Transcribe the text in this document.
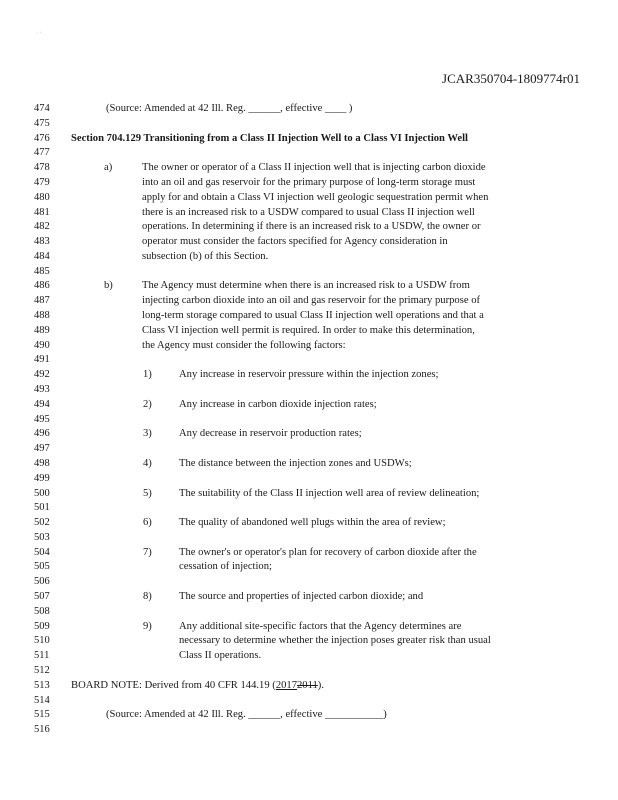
· ·
JCAR350704-1809774r01
474
475
476
477
478
479
480
481
482
483
484
485
486
487
488
489
490
491
492
493
494
495
496
497
498
499
500
501
502
503
504
505
506
507
508
509
510
511
512
513
514
515
516
(Source: Amended at 42 Ill. Reg. ______, effective ____ )
Section 704.129 Transitioning from a Class II Injection Well to a Class VI Injection Well
a)	The owner or operator of a Class II injection well that is injecting carbon dioxide
into an oil and gas reservoir for the primary purpose of long-term storage must
apply for and obtain a Class VI injection well geologic sequestration permit when
there is an increased risk to a USDW compared to usual Class II injection well
operations. In determining if there is an increased risk to a USDW, the owner or
operator must consider the factors specified for Agency consideration in
subsection (b) of this Section.
b)	The Agency must determine when there is an increased risk to a USDW from
injecting carbon dioxide into an oil and gas reservoir for the primary purpose of
long-term storage compared to usual Class II injection well operations and that a
Class VI injection well permit is required. In order to make this determination,
the Agency must consider the following factors:
1)	Any increase in reservoir pressure within the injection zones;
2)	Any increase in carbon dioxide injection rates;
3)	Any decrease in reservoir production rates;
4)	The distance between the injection zones and USDWs;
5)	The suitability of the Class II injection well area of review delineation;
6)	The quality of abandoned well plugs within the area of review;
7)	The owner's or operator's plan for recovery of carbon dioxide after the
cessation of injection;
8)	The source and properties of injected carbon dioxide; and
9)	Any additional site-specific factors that the Agency determines are
necessary to determine whether the injection poses greater risk than usual
Class II operations.
BOARD NOTE: Derived from 40 CFR 144.19 (20172011).
(Source: Amended at 42 Ill. Reg. ______, effective ___________)
